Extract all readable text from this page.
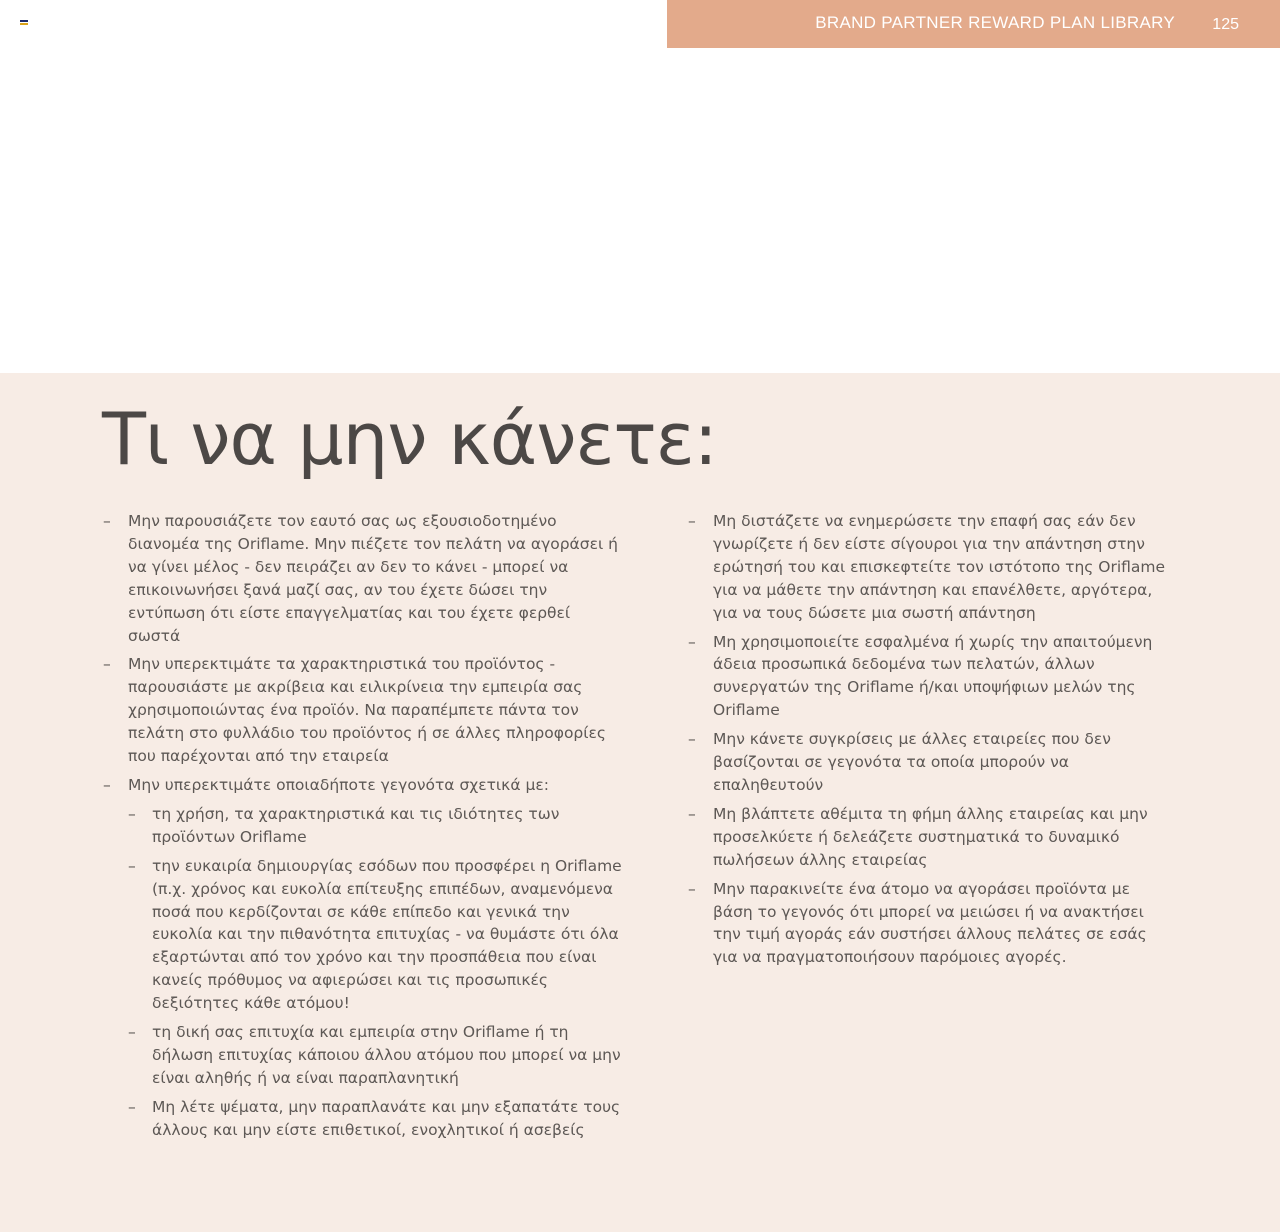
BRAND PARTNER REWARD PLAN LIBRARY 125
Τι να μην κάνετε:
– Μην παρουσιάζετε τον εαυτό σας ως εξουσιοδοτημένο διανομέα της Oriflame. Μην πιέζετε τον πελάτη να αγοράσει ή να γίνει μέλος - δεν πειράζει αν δεν το κάνει - μπορεί να επικοινωνήσει ξανά μαζί σας, αν του έχετε δώσει την εντύπωση ότι είστε επαγγελματίας και του έχετε φερθεί σωστά
– Μην υπερεκτιμάτε τα χαρακτηριστικά του προϊόντος - παρουσιάστε με ακρίβεια και ειλικρίνεια την εμπειρία σας χρησιμοποιώντας ένα προϊόν. Να παραπέμπετε πάντα τον πελάτη στο φυλλάδιο του προϊόντος ή σε άλλες πληροφορίες που παρέχονται από την εταιρεία
– Μην υπερεκτιμάτε οποιαδήποτε γεγονότα σχετικά με:
– τη χρήση, τα χαρακτηριστικά και τις ιδιότητες των προϊόντων Oriflame
– την ευκαιρία δημιουργίας εσόδων που προσφέρει η Oriflame (π.χ. χρόνος και ευκολία επίτευξης επιπέδων, αναμενόμενα ποσά που κερδίζονται σε κάθε επίπεδο και γενικά την ευκολία και την πιθανότητα επιτυχίας - να θυμάστε ότι όλα εξαρτώνται από τον χρόνο και την προσπάθεια που είναι κανείς πρόθυμος να αφιερώσει και τις προσωπικές δεξιότητες κάθε ατόμου!
– τη δική σας επιτυχία και εμπειρία στην Oriflame ή τη δήλωση επιτυχίας κάποιου άλλου ατόμου που μπορεί να μην είναι αληθής ή να είναι παραπλανητική
– Μη λέτε ψέματα, μην παραπλανάτε και μην εξαπατάτε τους άλλους και μην είστε επιθετικοί, ενοχλητικοί ή ασεβείς
– Μη διστάζετε να ενημερώσετε την επαφή σας εάν δεν γνωρίζετε ή δεν είστε σίγουροι για την απάντηση στην ερώτησή του και επισκεφτείτε τον ιστότοπο της Oriflame για να μάθετε την απάντηση και επανέλθετε, αργότερα, για να τους δώσετε μια σωστή απάντηση
– Μη χρησιμοποιείτε εσφαλμένα ή χωρίς την απαιτούμενη άδεια προσωπικά δεδομένα των πελατών, άλλων συνεργατών της Oriflame ή/και υποψήφιων μελών της Oriflame
– Μην κάνετε συγκρίσεις με άλλες εταιρείες που δεν βασίζονται σε γεγονότα τα οποία μπορούν να επαληθευτούν
– Μη βλάπτετε αθέμιτα τη φήμη άλλης εταιρείας και μην προσελκύετε ή δελεάζετε συστηματικά το δυναμικό πωλήσεων άλλης εταιρείας
– Μην παρακινείτε ένα άτομο να αγοράσει προϊόντα με βάση το γεγονός ότι μπορεί να μειώσει ή να ανακτήσει την τιμή αγοράς εάν συστήσει άλλους πελάτες σε εσάς για να πραγματοποιήσουν παρόμοιες αγορές.
